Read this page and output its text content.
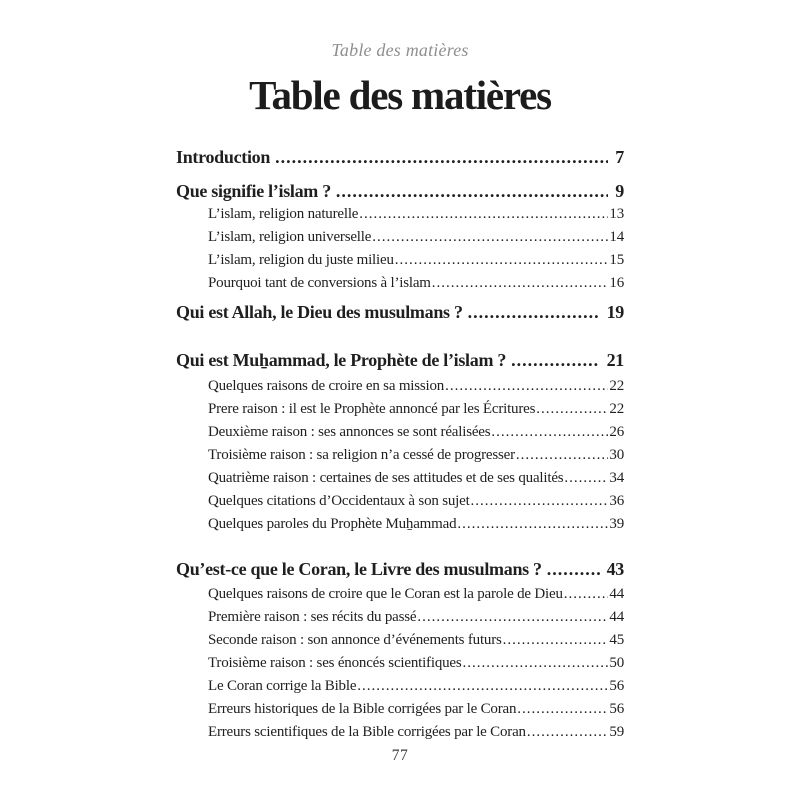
Table des matières
Table des matières
Introduction .....	7
Que signifie l’islam ? .....	9
L’islam, religion naturelle .....	13
L’islam, religion universelle .....	14
L’islam, religion du juste milieu .....	15
Pourquoi tant de conversions à l’islam .....	16
Qui est Allah, le Dieu des musulmans ? .....	19
Qui est Muẖammad, le Prophète de l’islam ? .....	21
Quelques raisons de croire en sa mission .....	22
Prere raison : il est le Prophète annoncé par les Écritures .....	22
Deuxième raison : ses annonces se sont réalisées .....	26
Troisième raison : sa religion n’a cessé de progresser .....	30
Quatrième raison : certaines de ses attitudes et de ses qualités .....	34
Quelques citations d’Occidentaux à son sujet .....	36
Quelques paroles du Prophète Muẖammad .....	39
Qu’est-ce que le Coran, le Livre des musulmans ? .....	43
Quelques raisons de croire que le Coran est la parole de Dieu .....	44
Première raison : ses récits du passé .....	44
Seconde raison : son annonce d’événements futurs .....	45
Troisième raison : ses énoncés scientifiques .....	50
Le Coran corrige la Bible .....	56
Erreurs historiques de la Bible corrigées par le Coran .....	56
Erreurs scientifiques de la Bible corrigées par le Coran .....	59
77
